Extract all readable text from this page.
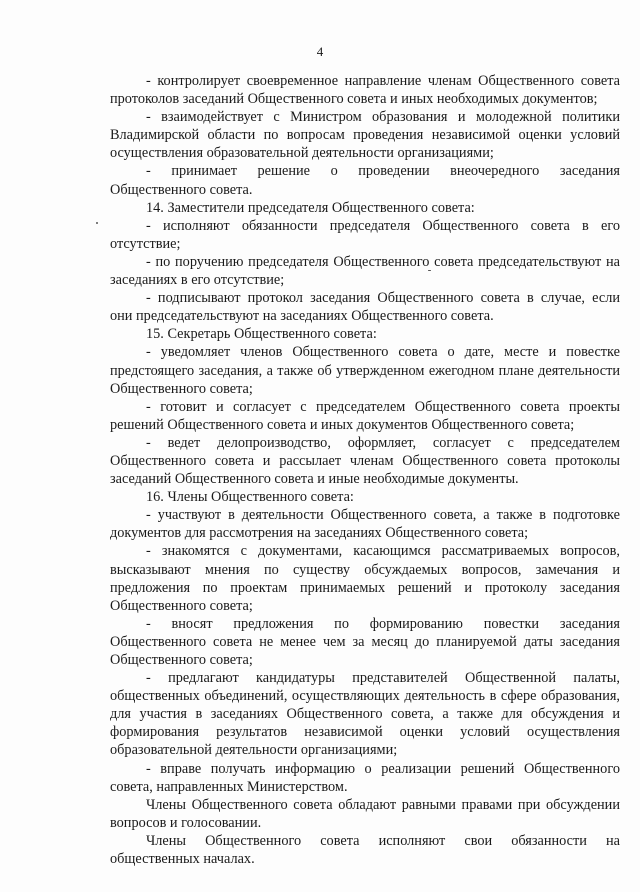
4
- контролирует своевременное направление членам Общественного совета
протоколов заседаний Общественного совета и иных необходимых документов;
- взаимодействует с Министром образования и молодежной политики
Владимирской области по вопросам проведения независимой оценки условий
осуществления образовательной деятельности организациями;
- принимает решение о проведении внеочередного заседания
Общественного совета.
14. Заместители председателя Общественного совета:
- исполняют обязанности председателя Общественного совета в его
отсутствие;
- по поручению председателя Общественного совета председательствуют на
заседаниях в его отсутствие;
- подписывают протокол заседания Общественного совета в случае, если
они председательствуют на заседаниях Общественного совета.
15. Секретарь Общественного совета:
- уведомляет членов Общественного совета о дате, месте и повестке
предстоящего заседания, а также об утвержденном ежегодном плане деятельности
Общественного совета;
- готовит и согласует с председателем Общественного совета проекты
решений Общественного совета и иных документов Общественного совета;
- ведет делопроизводство, оформляет, согласует с председателем
Общественного совета и рассылает членам Общественного совета протоколы
заседаний Общественного совета и иные необходимые документы.
16. Члены Общественного совета:
- участвуют в деятельности Общественного совета, а также в подготовке
документов для рассмотрения на заседаниях Общественного совета;
- знакомятся с документами, касающимся рассматриваемых вопросов,
высказывают мнения по существу обсуждаемых вопросов, замечания и
предложения по проектам принимаемых решений и протоколу заседания
Общественного совета;
- вносят предложения по формированию повестки заседания
Общественного совета не менее чем за месяц до планируемой даты заседания
Общественного совета;
- предлагают кандидатуры представителей Общественной палаты,
общественных объединений, осуществляющих деятельность в сфере образования,
для участия в заседаниях Общественного совета, а также для обсуждения и
формирования результатов независимой оценки условий осуществления
образовательной деятельности организациями;
- вправе получать информацию о реализации решений Общественного
совета, направленных Министерством.
Члены Общественного совета обладают равными правами при обсуждении
вопросов и голосовании.
Члены Общественного совета исполняют свои обязанности на
общественных началах.
